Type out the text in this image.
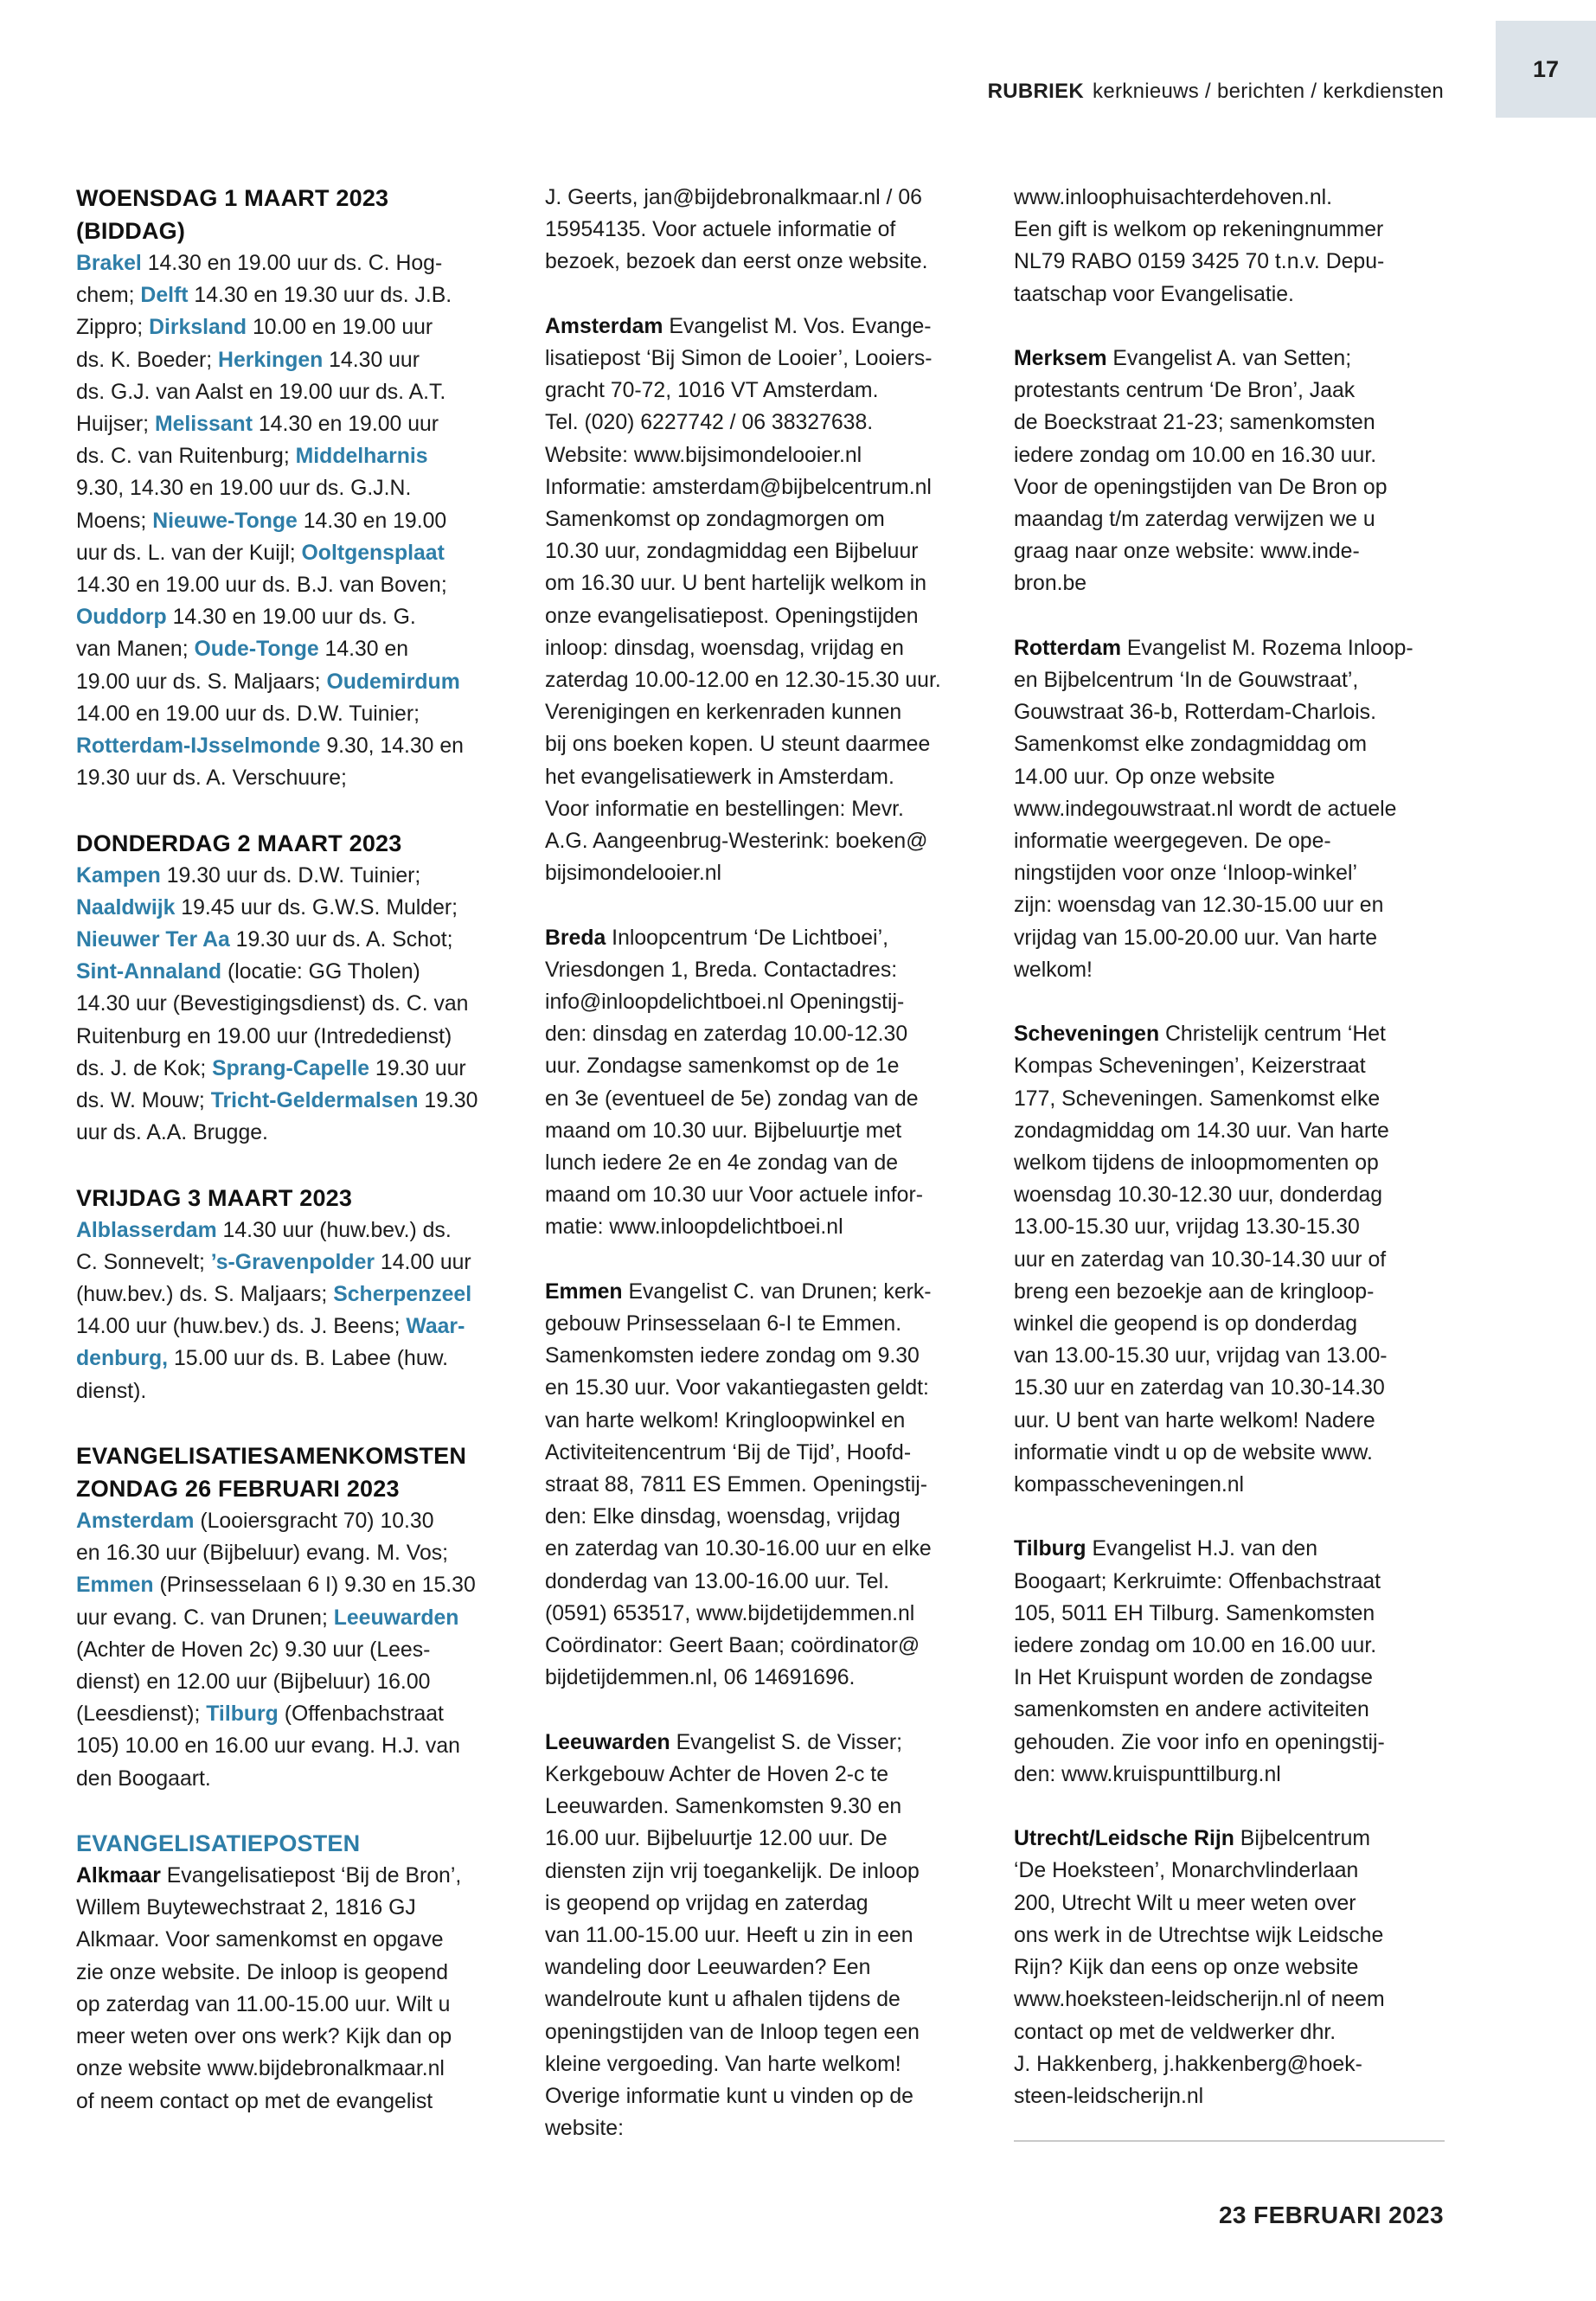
17
RUBRIEK kerknieuws / berichten / kerkdiensten
WOENSDAG 1 MAART 2023
(BIDDAG)

Brakel 14.30 en 19.00 uur ds. C. Hog-
chem; Delft 14.30 en 19.30 uur ds. J.B.
Zippro; Dirksland 10.00 en 19.00 uur
ds. K. Boeder; Herkingen 14.30 uur
ds. G.J. van Aalst en 19.00 uur ds. A.T.
Huijser; Melissant 14.30 en 19.00 uur
ds. C. van Ruitenburg; Middelharnis
9.30, 14.30 en 19.00 uur ds. G.J.N.
Moens; Nieuwe-Tonge 14.30 en 19.00
uur ds. L. van der Kuijl; Ooltgensplaat
14.30 en 19.00 uur ds. B.J. van Boven;
Ouddorp 14.30 en 19.00 uur ds. G.
van Manen; Oude-Tonge 14.30 en
19.00 uur ds. S. Maljaars; Oudemirdum
14.00 en 19.00 uur ds. D.W. Tuinier;
Rotterdam-IJsselmonde 9.30, 14.30 en
19.30 uur ds. A. Verschuure;

DONDERDAG 2 MAART 2023

Kampen 19.30 uur ds. D.W. Tuinier;
Naaldwijk 19.45 uur ds. G.W.S. Mulder;
Nieuwer Ter Aa 19.30 uur ds. A. Schot;
Sint-Annaland (locatie: GG Tholen)
14.30 uur (Bevestigingsdienst) ds. C. van
Ruitenburg en 19.00 uur (Intrededienst)
ds. J. de Kok; Sprang-Capelle 19.30 uur
ds. W. Mouw; Tricht-Geldermalsen 19.30
uur ds. A.A. Brugge.

VRIJDAG 3 MAART 2023

Alblasserdam 14.30 uur (huw.bev.) ds.
C. Sonnevelt; ’s-Gravenpolder 14.00 uur
(huw.bev.) ds. S. Maljaars; Scherpenzeel
14.00 uur (huw.bev.) ds. J. Beens; Waar-
denburg, 15.00 uur ds. B. Labee (huw.
dienst).

EVANGELISATIESAMENKOMSTEN
ZONDAG 26 FEBRUARI 2023

Amsterdam (Looiersgracht 70) 10.30
en 16.30 uur (Bijbeluur) evang. M. Vos;
Emmen (Prinsesselaan 6 I) 9.30 en 15.30
uur evang. C. van Drunen; Leeuwarden
(Achter de Hoven 2c) 9.30 uur (Lees-
dienst) en 12.00 uur (Bijbeluur) 16.00
(Leesdienst); Tilburg (Offenbachstraat
105) 10.00 en 16.00 uur evang. H.J. van
den Boogaart.

EVANGELISATIEPOSTEN

Alkmaar Evangelisatiepost ‘Bij de Bron’,
Willem Buytewechstraat 2, 1816 GJ
Alkmaar. Voor samenkomst en opgave
zie onze website. De inloop is geopend
op zaterdag van 11.00-15.00 uur. Wilt u
meer weten over ons werk? Kijk dan op
onze website www.bijdebronalkmaar.nl
of neem contact op met de evangelist

J. Geerts, jan@bijdebronalkmaar.nl / 06
15954135. Voor actuele informatie of
bezoek, bezoek dan eerst onze website.

Amsterdam Evangelist M. Vos. Evange-
lisatiepost ‘Bij Simon de Looier’, Looiers-
gracht 70-72, 1016 VT Amsterdam.
Tel. (020) 6227742 / 06 38327638.
Website: www.bijsimondelooier.nl
Informatie: amsterdam@bijbelcentrum.nl
Samenkomst op zondagmorgen om
10.30 uur, zondagmiddag een Bijbeluur
om 16.30 uur. U bent hartelijk welkom in
onze evangelisatiepost. Openingstijden
inloop: dinsdag, woensdag, vrijdag en
zaterdag 10.00-12.00 en 12.30-15.30 uur.
Verenigingen en kerkenraden kunnen
bij ons boeken kopen. U steunt daarmee
het evangelisatiewerk in Amsterdam.
Voor informatie en bestellingen: Mevr.
A.G. Aangeenbrug-Westerink: boeken@
bijsimondelooier.nl

Breda Inloopcentrum ‘De Lichtboei’,
Vriesdongen 1, Breda. Contactadres:
info@inloopdelichtboei.nl Openingstij-
den: dinsdag en zaterdag 10.00-12.30
uur. Zondagse samenkomst op de 1e
en 3e (eventueel de 5e) zondag van de
maand om 10.30 uur. Bijbeluurtje met
lunch iedere 2e en 4e zondag van de
maand om 10.30 uur Voor actuele infor-
matie: www.inloopdelichtboei.nl

Emmen Evangelist C. van Drunen; kerk-
gebouw Prinsesselaan 6-I te Emmen.
Samenkomsten iedere zondag om 9.30
en 15.30 uur. Voor vakantiegasten geldt:
van harte welkom! Kringloopwinkel en
Activiteitencentrum ‘Bij de Tijd’, Hoofd-
straat 88, 7811 ES Emmen. Openingstij-
den: Elke dinsdag, woensdag, vrijdag
en zaterdag van 10.30-16.00 uur en elke
donderdag van 13.00-16.00 uur. Tel.
(0591) 653517, www.bijdetijdemmen.nl
Coördinator: Geert Baan; coördinator@
bijdetijdemmen.nl, 06 14691696.

Leeuwarden Evangelist S. de Visser;
Kerkgebouw Achter de Hoven 2-c te
Leeuwarden. Samenkomsten 9.30 en
16.00 uur. Bijbeluurtje 12.00 uur. De
diensten zijn vrij toegankelijk. De inloop
is geopend op vrijdag en zaterdag
van 11.00-15.00 uur. Heeft u zin in een
wandeling door Leeuwarden? Een
wandelroute kunt u afhalen tijdens de
openingstijden van de Inloop tegen een
kleine vergoeding. Van harte welkom!
Overige informatie kunt u vinden op de
website:

www.inloophuisachterdehoven.nl.
Een gift is welkom op rekeningnummer
NL79 RABO 0159 3425 70 t.n.v. Depu-
taatschap voor Evangelisatie.

Merksem Evangelist A. van Setten;
protestants centrum ‘De Bron’, Jaak
de Boeckstraat 21-23; samenkomsten
iedere zondag om 10.00 en 16.30 uur.
Voor de openingstijden van De Bron op
maandag t/m zaterdag verwijzen we u
graag naar onze website: www.inde-
bron.be

Rotterdam Evangelist M. Rozema Inloop-
en Bijbelcentrum ‘In de Gouwstraat’,
Gouwstraat 36-b, Rotterdam-Charlois.
Samenkomst elke zondagmiddag om
14.00 uur. Op onze website
www.indegouwstraat.nl wordt de actuele
informatie weergegeven. De ope-
ningstijden voor onze ‘Inloop-winkel’
zijn: woensdag van 12.30-15.00 uur en
vrijdag van 15.00-20.00 uur. Van harte
welkom!

Scheveningen Christelijk centrum ‘Het
Kompas Scheveningen’, Keizerstraat
177, Scheveningen. Samenkomst elke
zondagmiddag om 14.30 uur. Van harte
welkom tijdens de inloopmomenten op
woensdag 10.30-12.30 uur, donderdag
13.00-15.30 uur, vrijdag 13.30-15.30
uur en zaterdag van 10.30-14.30 uur of
breng een bezoekje aan de kringloop-
winkel die geopend is op donderdag
van 13.00-15.30 uur, vrijdag van 13.00-
15.30 uur en zaterdag van 10.30-14.30
uur. U bent van harte welkom! Nadere
informatie vindt u op de website www.
kompasscheveningen.nl

Tilburg Evangelist H.J. van den
Boogaart; Kerkruimte: Offenbachstraat
105, 5011 EH Tilburg. Samenkomsten
iedere zondag om 10.00 en 16.00 uur.
In Het Kruispunt worden de zondagse
samenkomsten en andere activiteiten
gehouden. Zie voor info en openingstij-
den: www.kruispunttilburg.nl

Utrecht/Leidsche Rijn Bijbelcentrum
‘De Hoeksteen’, Monarchvlinderlaan
200, Utrecht Wilt u meer weten over
ons werk in de Utrechtse wijk Leidsche
Rijn? Kijk dan eens op onze website
www.hoeksteen-leidscherijn.nl of neem
contact op met de veldwerker dhr.
J. Hakkenberg, j.hakkenberg@hoek-
steen-leidscherijn.nl

23 FEBRUARI 2023
